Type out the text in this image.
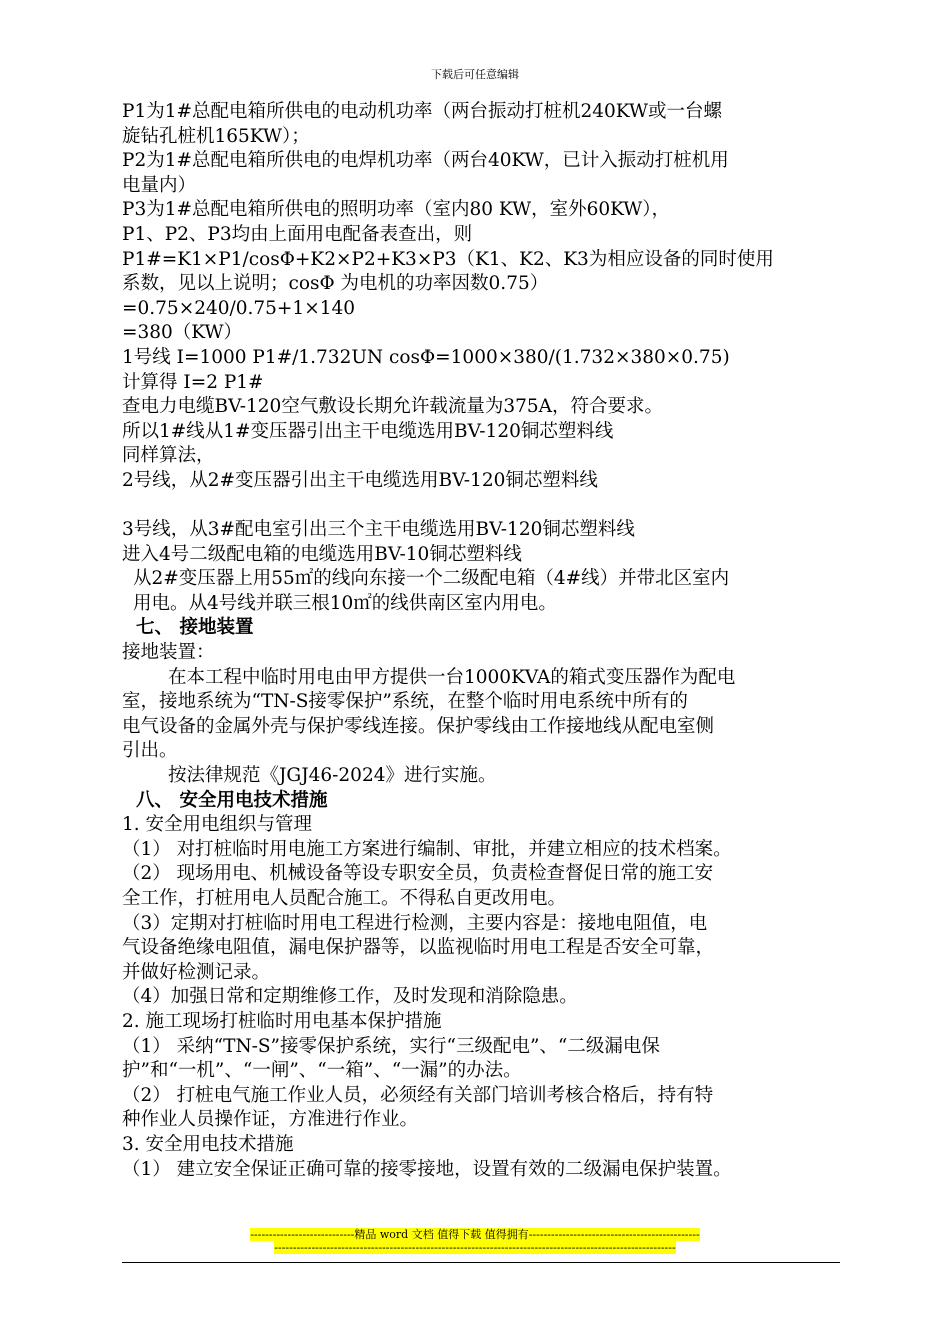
下载后可任意编辑
P1为1#总配电箱所供电的电动机功率（两台振动打桩机240KW或一台螺
旋钻孔桩机165KW）；
P2为1#总配电箱所供电的电焊机功率（两台40KW，已计入振动打桩机用
电量内）
P3为1#总配电箱所供电的照明功率（室内80 KW，室外60KW），
P1、P2、P3均由上面用电配备表查出，则
P1#=K1×P1/cosΦ+K2×P2+K3×P3（K1、K2、K3为相应设备的同时使用
系数，见以上说明；cosΦ 为电机的功率因数0.75）
=0.75×240/0.75+1×140
=380（KW）
1号线 I=1000 P1#/1.732UN cosΦ=1000×380/(1.732×380×0.75)
计算得 I=2 P1#
查电力电缆BV-120空气敷设长期允许载流量为375A，符合要求。
所以1#线从1#变压器引出主干电缆选用BV-120铜芯塑料线
同样算法，
2号线，从2#变压器引出主干电缆选用BV-120铜芯塑料线
3号线，从3#配电室引出三个主干电缆选用BV-120铜芯塑料线
进入4号二级配电箱的电缆选用BV-10铜芯塑料线
从2#变压器上用55㎡的线向东接一个二级配电箱（4#线）并带北区室内
用电。从4号线并联三根10㎡的线供南区室内用电。
七、 接地装置
接地装置：
在本工程中临时用电由甲方提供一台1000KVA的箱式变压器作为配电
室，接地系统为“TN-S接零保护”系统，在整个临时用电系统中所有的
电气设备的金属外壳与保护零线连接。保护零线由工作接地线从配电室侧
引出。
按法律规范《JGJ46-2024》进行实施。
八、 安全用电技术措施
1. 安全用电组织与管理
（1） 对打桩临时用电施工方案进行编制、审批，并建立相应的技术档案。
（2） 现场用电、机械设备等设专职安全员，负责检查督促日常的施工安
全工作，打桩用电人员配合施工。不得私自更改用电。
（3）定期对打桩临时用电工程进行检测，主要内容是：接地电阻值，电
气设备绝缘电阻值，漏电保护器等，以监视临时用电工程是否安全可靠，
并做好检测记录。
（4）加强日常和定期维修工作，及时发现和消除隐患。
2. 施工现场打桩临时用电基本保护措施
（1） 采纳“TN-S”接零保护系统，实行“三级配电”、“二级漏电保
护”和“一机”、“一闸”、“一箱”、“一漏”的办法。
（2） 打桩电气施工作业人员，必须经有关部门培训考核合格后，持有特
种作业人员操作证，方准进行作业。
3. 安全用电技术措施
（1） 建立安全保证正确可靠的接零接地，设置有效的二级漏电保护装置。
----------------------------精品 word 文档 值得下载 值得拥有----------------------------------------------
------------------------------------------------------------------------------------------------------------
